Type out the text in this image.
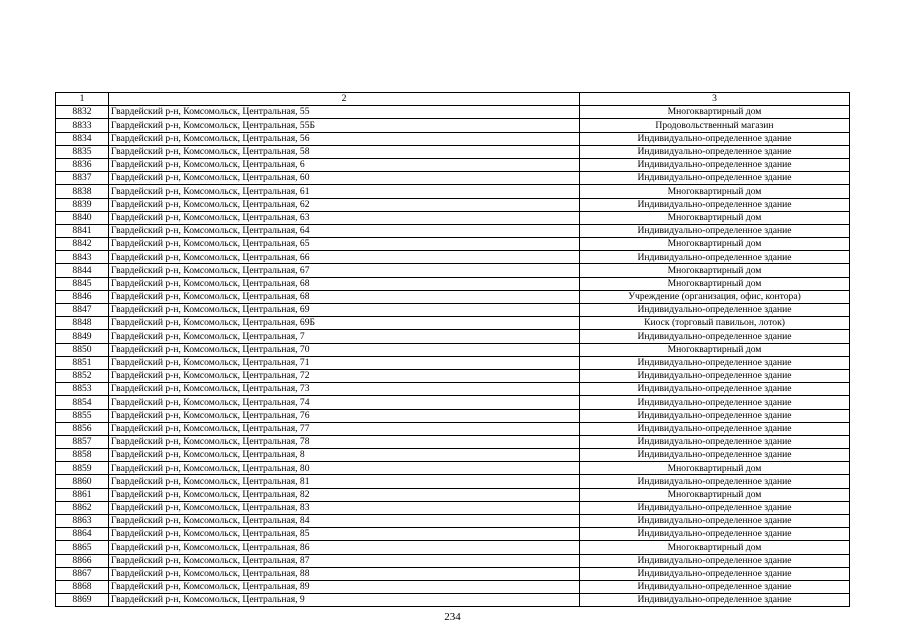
1	2	3
8832	Гвардейский р-н, Комсомольск, Центральная, 55	Многоквартирный дом
8833	Гвардейский р-н, Комсомольск, Центральная, 55Б	Продовольственный магазин
8834	Гвардейский р-н, Комсомольск, Центральная, 56	Индивидуально-определенное здание
8835	Гвардейский р-н, Комсомольск, Центральная, 58	Индивидуально-определенное здание
8836	Гвардейский р-н, Комсомольск, Центральная, 6	Индивидуально-определенное здание
8837	Гвардейский р-н, Комсомольск, Центральная, 60	Индивидуально-определенное здание
8838	Гвардейский р-н, Комсомольск, Центральная, 61	Многоквартирный дом
8839	Гвардейский р-н, Комсомольск, Центральная, 62	Индивидуально-определенное здание
8840	Гвардейский р-н, Комсомольск, Центральная, 63	Многоквартирный дом
8841	Гвардейский р-н, Комсомольск, Центральная, 64	Индивидуально-определенное здание
8842	Гвардейский р-н, Комсомольск, Центральная, 65	Многоквартирный дом
8843	Гвардейский р-н, Комсомольск, Центральная, 66	Индивидуально-определенное здание
8844	Гвардейский р-н, Комсомольск, Центральная, 67	Многоквартирный дом
8845	Гвардейский р-н, Комсомольск, Центральная, 68	Многоквартирный дом
8846	Гвардейский р-н, Комсомольск, Центральная, 68	Учреждение (организация, офис, контора)
8847	Гвардейский р-н, Комсомольск, Центральная, 69	Индивидуально-определенное здание
8848	Гвардейский р-н, Комсомольск, Центральная, 69Б	Киоск (торговый павильон, лоток)
8849	Гвардейский р-н, Комсомольск, Центральная, 7	Индивидуально-определенное здание
8850	Гвардейский р-н, Комсомольск, Центральная, 70	Многоквартирный дом
8851	Гвардейский р-н, Комсомольск, Центральная, 71	Индивидуально-определенное здание
8852	Гвардейский р-н, Комсомольск, Центральная, 72	Индивидуально-определенное здание
8853	Гвардейский р-н, Комсомольск, Центральная, 73	Индивидуально-определенное здание
8854	Гвардейский р-н, Комсомольск, Центральная, 74	Индивидуально-определенное здание
8855	Гвардейский р-н, Комсомольск, Центральная, 76	Индивидуально-определенное здание
8856	Гвардейский р-н, Комсомольск, Центральная, 77	Индивидуально-определенное здание
8857	Гвардейский р-н, Комсомольск, Центральная, 78	Индивидуально-определенное здание
8858	Гвардейский р-н, Комсомольск, Центральная, 8	Индивидуально-определенное здание
8859	Гвардейский р-н, Комсомольск, Центральная, 80	Многоквартирный дом
8860	Гвардейский р-н, Комсомольск, Центральная, 81	Индивидуально-определенное здание
8861	Гвардейский р-н, Комсомольск, Центральная, 82	Многоквартирный дом
8862	Гвардейский р-н, Комсомольск, Центральная, 83	Индивидуально-определенное здание
8863	Гвардейский р-н, Комсомольск, Центральная, 84	Индивидуально-определенное здание
8864	Гвардейский р-н, Комсомольск, Центральная, 85	Индивидуально-определенное здание
8865	Гвардейский р-н, Комсомольск, Центральная, 86	Многоквартирный дом
8866	Гвардейский р-н, Комсомольск, Центральная, 87	Индивидуально-определенное здание
8867	Гвардейский р-н, Комсомольск, Центральная, 88	Индивидуально-определенное здание
8868	Гвардейский р-н, Комсомольск, Центральная, 89	Индивидуально-определенное здание
8869	Гвардейский р-н, Комсомольск, Центральная, 9	Индивидуально-определенное здание
234
